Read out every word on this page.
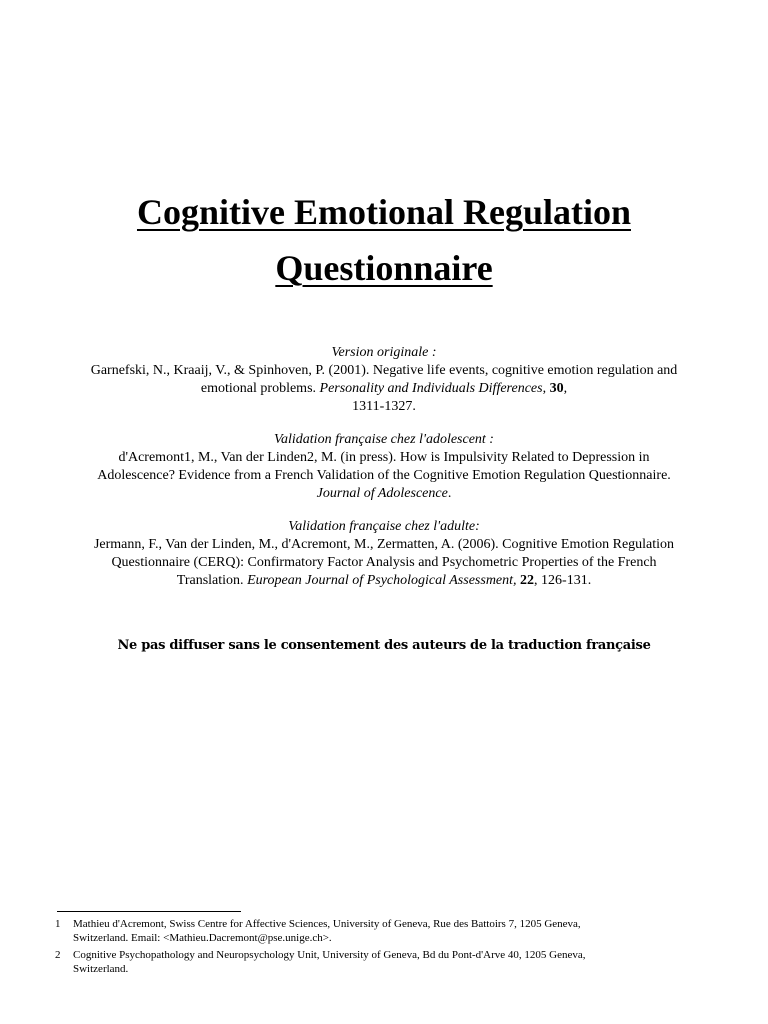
Cognitive Emotional Regulation
Questionnaire

Version originale :

Garnefski, N., Kraaij, V., & Spinhoven, P. (2001). Negative life events, cognitive emotion regulation and

emotional problems. Personality and Individuals Differences, 30,

1311-1327.

Validation française chez l'adolescent :

d'Acremont1, M., Van der Linden2, M. (in press). How is Impulsivity Related to Depression in

Adolescence? Evidence from a French Validation of the Cognitive Emotion Regulation Questionnaire.

Journal of Adolescence.

Validation française chez l'adulte:

Jermann, F., Van der Linden, M., d'Acremont, M., Zermatten, A. (2006). Cognitive Emotion Regulation

Questionnaire (CERQ): Confirmatory Factor Analysis and Psychometric Properties of the French

Translation. European Journal of Psychological Assessment, 22, 126-131.

Ne pas diffuser sans le consentement des auteurs de la traduction française

1	Mathieu d'Acremont, Swiss Centre for Affective Sciences, University of Geneva, Rue des Battoirs 7, 1205 Geneva,
Switzerland. Email: <Mathieu.Dacremont@pse.unige.ch>.
2	Cognitive Psychopathology and Neuropsychology Unit, University of Geneva, Bd du Pont-d'Arve 40, 1205 Geneva,
Switzerland.
